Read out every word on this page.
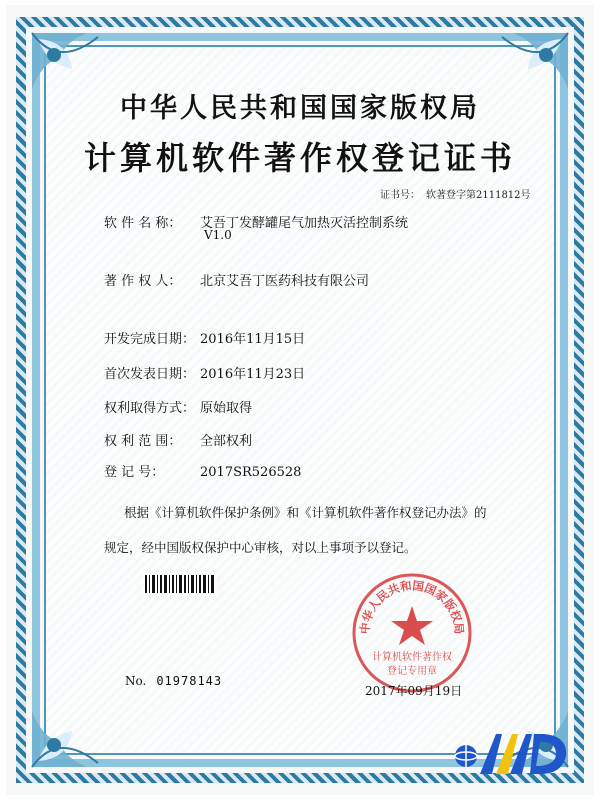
中华人民共和国国家版权局
计算机软件著作权登记证书
证书号： 软著登字第2111812号
软 件 名 称： 艾吾丁发酵罐尾气加热灭活控制系统
V1.0
著 作 权 人： 北京艾吾丁医药科技有限公司
开发完成日期： 2016年11月15日
首次发表日期： 2016年11月23日
权利取得方式： 原始取得
权 利 范 围： 全部权利
登 记 号：	2017SR526528
根据《计算机软件保护条例》和《计算机软件著作权登记办法》的
规定，经中国版权保护中心审核，对以上事项予以登记。
No. 01978143
中华人民共和国国家版权局
计算机软件著作权
登记专用章
2017年09月19日
